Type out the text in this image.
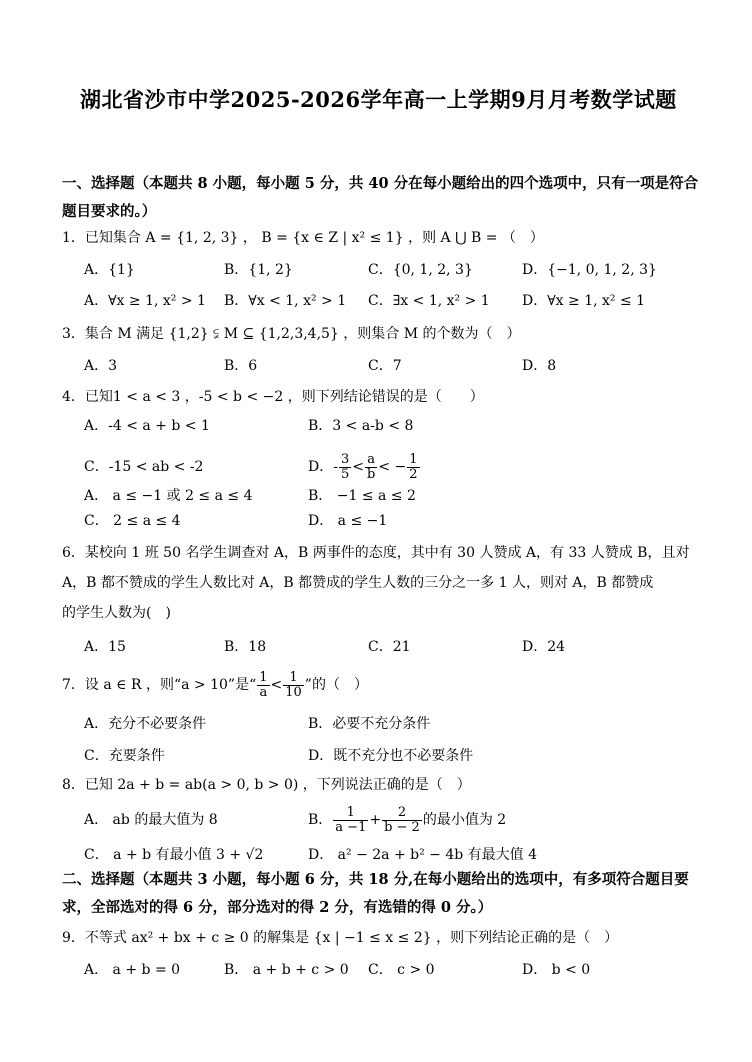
湖北省沙市中学2025-2026学年高一上学期9月月考数学试题
一、选择题（本题共 8 小题，每小题 5 分，共 40 分在每小题给出的四个选项中，只有一项是符合
题目要求的。）
1．已知集合 A = {1, 2, 3} ， B = {x ∈ Z | x² ≤ 1} ，则 A ⋃ B = （　）
A．{1}	B．{1, 2}	C．{0, 1, 2, 3}	D．{−1, 0, 1, 2, 3}
A．∀x ≥ 1, x² > 1 B．∀x < 1, x² > 1 C．∃x < 1, x² > 1 D．∀x ≥ 1, x² ≤ 1
3．集合 M 满足 {1,2} ⫋ M ⊆ {1,2,3,4,5} ，则集合 M 的个数为（　）
A．3	B．6	C．7	D．8
4．已知1 < a < 3 ，-5 < b < −2 ，则下列结论错误的是（　　）
A．-4 < a + b < 1	B．3 < a-b < 8
C．-15 < ab < -2	D．- $\frac{3}{5} < \frac{a}{b}$ < − $\frac{1}{2}$
A． a ≤ −1 或 2 ≤ a ≤ 4	B． −1 ≤ a ≤ 2
C． 2 ≤ a ≤ 4	D． a ≤ −1
6．某校向 1 班 50 名学生调查对 A，B 两事件的态度，其中有 30 人赞成 A，有 33 人赞成 B，且对
A，B 都不赞成的学生人数比对 A，B 都赞成的学生人数的三分之一多 1 人，则对 A，B 都赞成
的学生人数为(　)
A．15	B．18	C．21	D．24
7．设 a ∈ R ，则“a > 10”是“ $\frac{1}{a} < \frac{1}{10}$ ”的（　）
A．充分不必要条件	B．必要不充分条件
C．充要条件	D．既不充分也不必要条件
8．已知 2a + b = ab(a > 0, b > 0) ，下列说法正确的是（　）
A． ab 的最大值为 8	B． $\frac{1}{a -1} + \frac{2}{b - 2}$ 的最小值为 2
C． a + b 有最小值 3 + √2	D． a² − 2a + b² − 4b 有最大值 4
二、选择题（本题共 3 小题，每小题 6 分，共 18 分,在每小题给出的选项中，有多项符合题目要
求，全部选对的得 6 分，部分选对的得 2 分，有选错的得 0 分。）
9．不等式 ax² + bx + c ≥ 0 的解集是 {x | −1 ≤ x ≤ 2} ，则下列结论正确的是（　）
A． a + b = 0	B． a + b + c > 0 C． c > 0	D． b < 0
